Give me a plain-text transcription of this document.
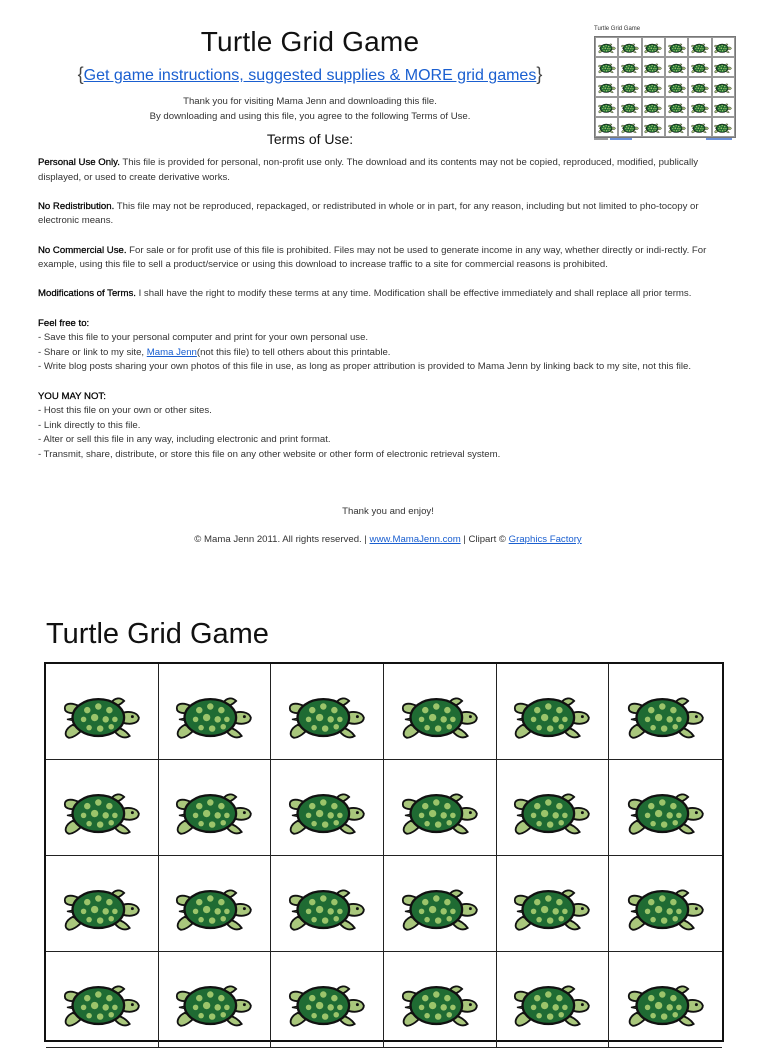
Turtle Grid Game
{Get game instructions, suggested supplies & MORE grid games}
Thank you for visiting Mama Jenn and downloading this file.
By downloading and using this file, you agree to the following Terms of Use.
Terms of Use:
Turtle Grid Game

Personal Use Only. This file is provided for personal, non-profit use only. The download and its contents may not be copied, reproduced, modified, publically displayed, or used to create derivative works.

No Redistribution. This file may not be reproduced, repackaged, or redistributed in whole or in part, for any reason, including but not limited to pho-tocopy or electronic means.

No Commercial Use. For sale or for profit use of this file is prohibited. Files may not be used to generate income in any way, whether directly or indi-rectly. For example, using this file to sell a product/service or using this download to increase traffic to a site for commercial reasons is prohibited.

Modifications of Terms. I shall have the right to modify these terms at any time. Modification shall be effective immediately and shall replace all prior terms.

Feel free to:
- Save this file to your personal computer and print for your own personal use.
- Share or link to my site, Mama Jenn(not this file) to tell others about this printable.
- Write blog posts sharing your own photos of this file in use, as long as proper attribution is provided to Mama Jenn by linking back to my site, not this file.
YOU MAY NOT:
- Host this file on your own or other sites.
- Link directly to this file.
- Alter or sell this file in any way, including electronic and print format.
- Transmit, share, distribute, or store this file on any other website or other form of electronic retrieval system.
Thank you and enjoy!
© Mama Jenn 2011. All rights reserved. | www.MamaJenn.com | Clipart © Graphics Factory
Turtle Grid Game
